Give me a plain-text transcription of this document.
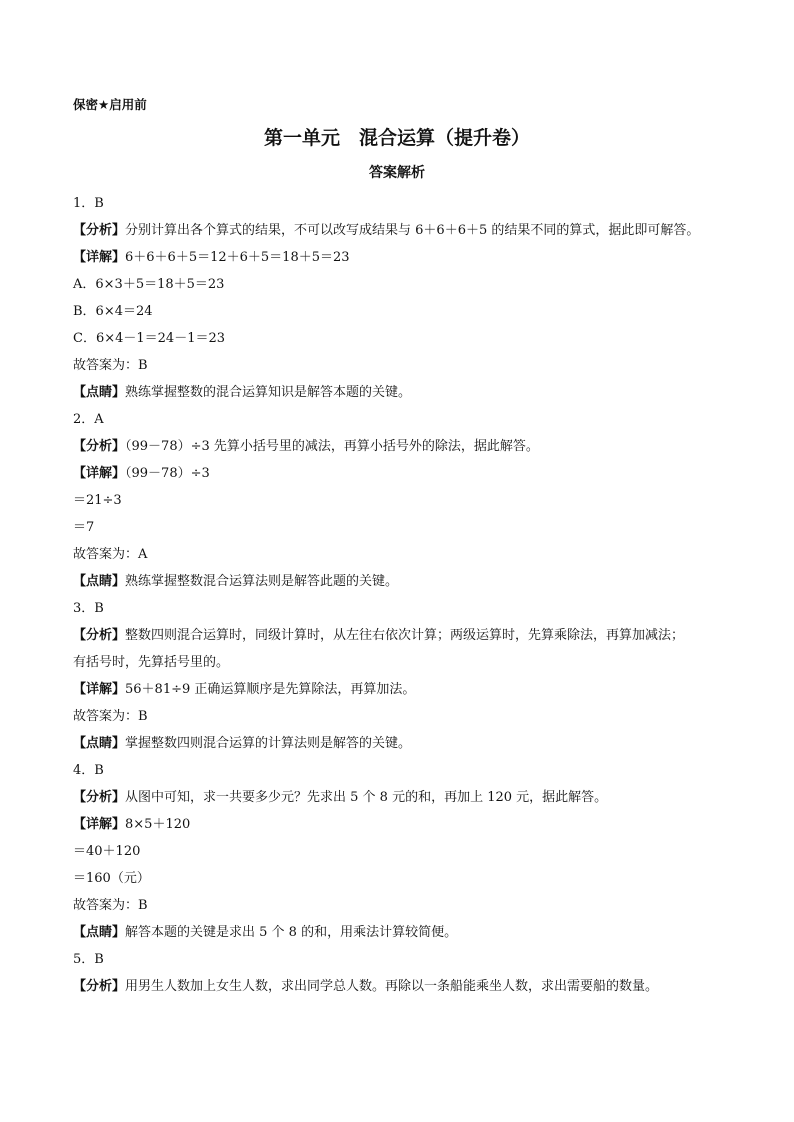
保密★启用前
第一单元　混合运算（提升卷）
答案解析
1．B
【分析】分别计算出各个算式的结果，不可以改写成结果与 6＋6＋6＋5 的结果不同的算式，据此即可解答。
【详解】6＋6＋6＋5＝12＋6＋5＝18＋5＝23
A．6×3＋5＝18＋5＝23
B．6×4＝24
C．6×4－1＝24－1＝23
故答案为：B
【点睛】熟练掌握整数的混合运算知识是解答本题的关键。
2．A
【分析】（99－78）÷3 先算小括号里的减法，再算小括号外的除法，据此解答。
【详解】（99－78）÷3
＝21÷3
＝7
故答案为：A
【点睛】熟练掌握整数混合运算法则是解答此题的关键。
3．B
【分析】整数四则混合运算时，同级计算时，从左往右依次计算；两级运算时，先算乘除法，再算加减法；
有括号时，先算括号里的。
【详解】56＋81÷9 正确运算顺序是先算除法，再算加法。
故答案为：B
【点睛】掌握整数四则混合运算的计算法则是解答的关键。
4．B
【分析】从图中可知，求一共要多少元？先求出 5 个 8 元的和，再加上 120 元，据此解答。
【详解】8×5＋120
＝40＋120
＝160（元）
故答案为：B
【点睛】解答本题的关键是求出 5 个 8 的和，用乘法计算较简便。
5．B
【分析】用男生人数加上女生人数，求出同学总人数。再除以一条船能乘坐人数，求出需要船的数量。
